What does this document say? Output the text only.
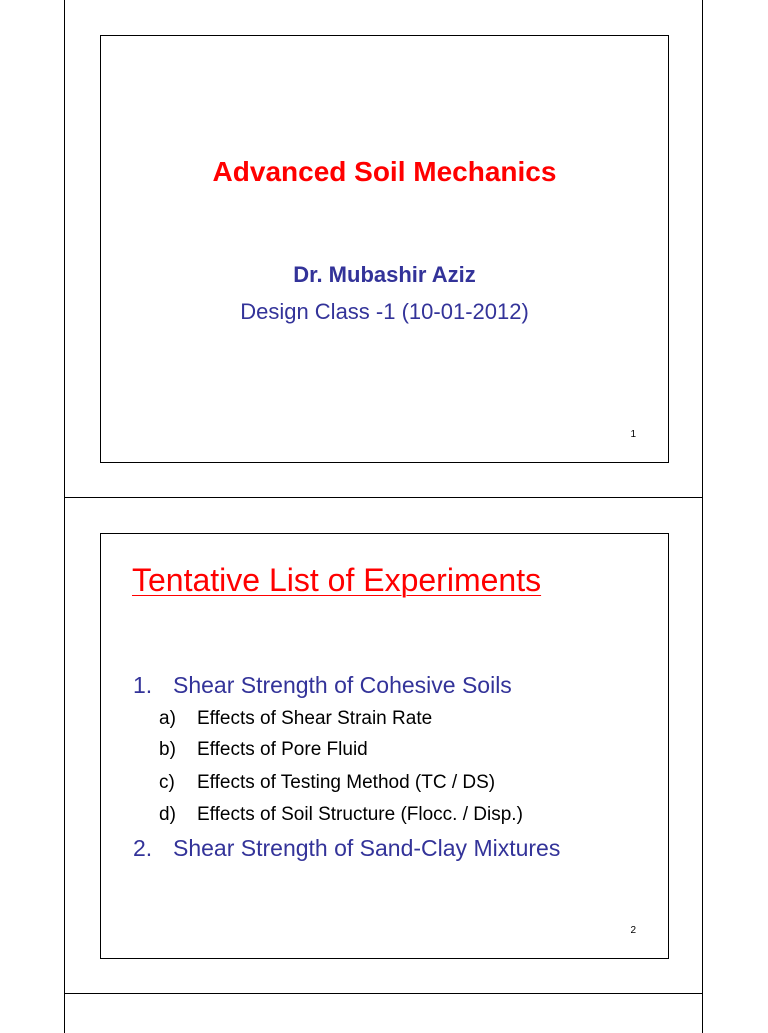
Advanced Soil Mechanics
Dr. Mubashir Aziz
Design Class -1 (10-01-2012)
1
Tentative List of Experiments
1. Shear Strength of Cohesive Soils
a) Effects of Shear Strain Rate
b) Effects of Pore Fluid
c) Effects of Testing Method (TC / DS)
d) Effects of Soil Structure (Flocc. / Disp.)
2. Shear Strength of Sand-Clay Mixtures
2
